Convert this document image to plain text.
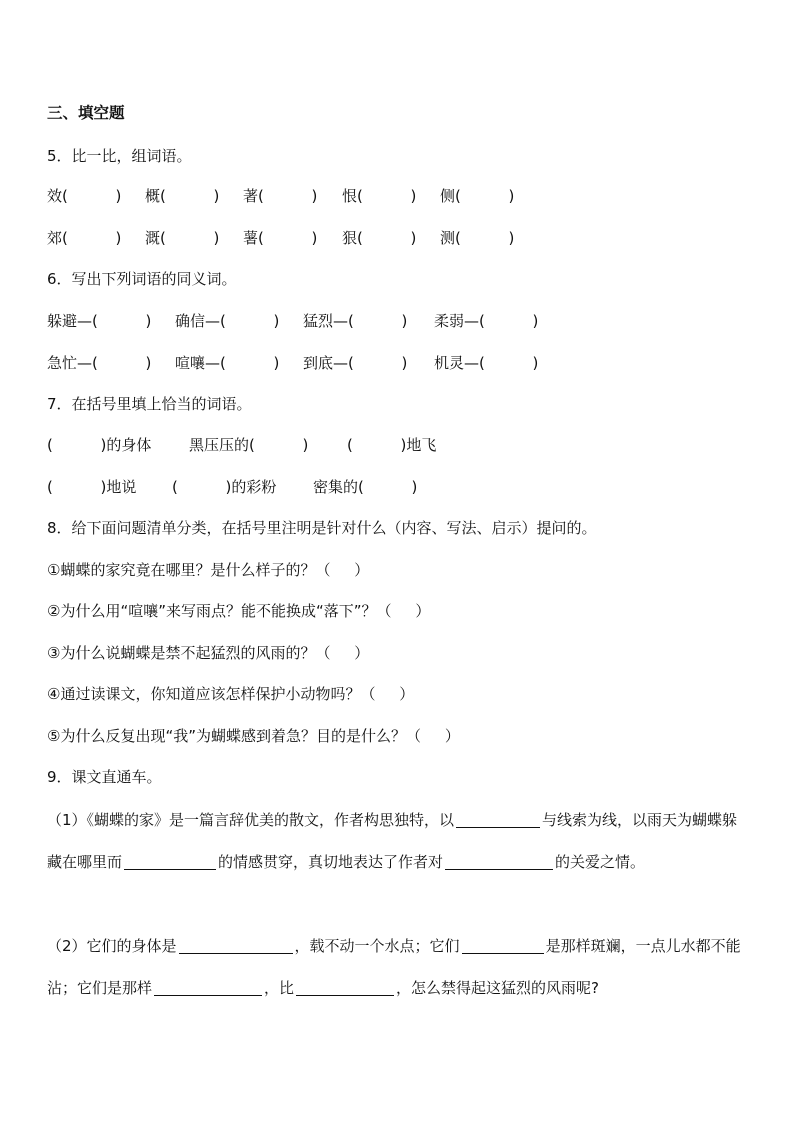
三、填空题
5．比一比，组词语。
效(          ) 概(          ) 著(          ) 恨(          ) 侧(          )
郊(          ) 溉(          ) 薯(          ) 狠(          ) 测(          )
6．写出下列词语的同义词。
躲避—(          ) 确信—(          ) 猛烈—(          ) 柔弱—(          )
急忙—(          ) 喧嚷—(          ) 到底—(          ) 机灵—(          )
7．在括号里填上恰当的词语。
(          )的身体	黑压压的(          )	(          )地飞
(          )地说 (          )的彩粉 密集的(          )
8．给下面问题清单分类，在括号里注明是针对什么（内容、写法、启示）提问的。
①蝴蝶的家究竟在哪里？是什么样子的？（     ）
②为什么用“喧嚷”来写雨点？能不能换成“落下”？（     ）
③为什么说蝴蝶是禁不起猛烈的风雨的？（     ）
④通过读课文，你知道应该怎样保护小动物吗？（     ）
⑤为什么反复出现“我”为蝴蝶感到着急？目的是什么？（     ）
9．课文直通车。
（1）《蝴蝶的家》是一篇言辞优美的散文，作者构思独特，以	与线索为线，以雨天为蝴蝶躲藏在哪里而	的情感贯穿，真切地表达了作者对	的关爱之情。
（2）它们的身体是	，载不动一个水点；它们	是那样斑斓，一点儿水都不能沾；它们是那样	，比	，怎么禁得起这猛烈的风雨呢?
